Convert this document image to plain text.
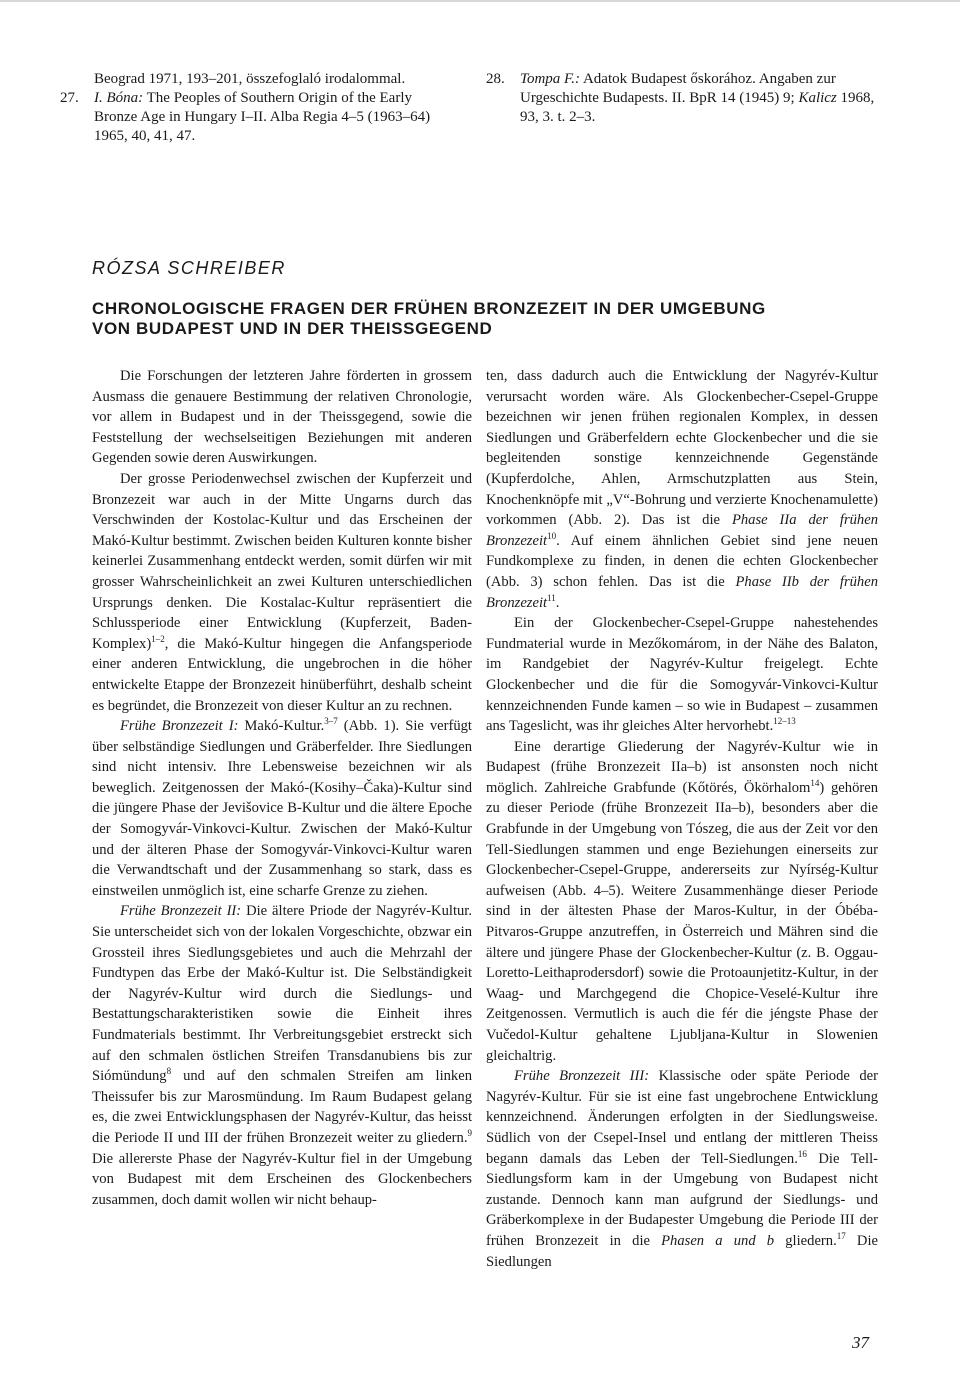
Beograd 1971, 193–201, összefoglaló irodalommal.
27.	I. Bóna: The Peoples of Southern Origin of the Early Bronze Age in Hungary I–II. Alba Regia 4–5 (1963–64) 1965, 40, 41, 47.
28.	Tompa F.: Adatok Budapest őskorához. Angaben zur Urgeschichte Budapests. II. BpR 14 (1945) 9; Kalicz 1968, 93, 3. t. 2–3.
RÓZSA SCHREIBER
CHRONOLOGISCHE FRAGEN DER FRÜHEN BRONZEZEIT IN DER UMGEBUNG
VON BUDAPEST UND IN DER THEISSGEGEND

Die Forschungen der letzteren Jahre förderten in grossem Ausmass die genauere Bestimmung der relativen Chronologie, vor allem in Budapest und in der Theissgegend, sowie die Feststellung der wechselseitigen Beziehungen mit anderen Gegenden sowie deren Auswirkungen.

Der grosse Periodenwechsel zwischen der Kupferzeit und Bronzezeit war auch in der Mitte Ungarns durch das Verschwinden der Kostolac-Kultur und das Erscheinen der Makó-Kultur bestimmt. Zwischen beiden Kulturen konnte bisher keinerlei Zusammenhang entdeckt werden, somit dürfen wir mit grosser Wahrscheinlichkeit an zwei Kulturen unterschiedlichen Ursprungs denken. Die Kostalac-Kultur repräsentiert die Schlussperiode einer Entwicklung (Kupferzeit, Baden-Komplex)$^{1-2}$, die Makó-Kultur hingegen die Anfangsperiode einer anderen Entwicklung, die ungebrochen in die höher entwickelte Etappe der Bronzezeit hinüberführt, deshalb scheint es begründet, die Bronzezeit von dieser Kultur an zu rechnen.

Frühe Bronzezeit I: Makó-Kultur.$^{3-7}$ (Abb. 1). Sie verfügt über selbständige Siedlungen und Gräberfelder. Ihre Siedlungen sind nicht intensiv. Ihre Lebensweise bezeichnen wir als beweglich. Zeitgenossen der Makó-(Kosihy–Čaka)-Kultur sind die jüngere Phase der Jevišovice B-Kultur und die ältere Epoche der Somogyvár-Vinkovci-Kultur. Zwischen der Makó-Kultur und der älteren Phase der Somogyvár-Vinkovci-Kultur waren die Verwandtschaft und der Zusammenhang so stark, dass es einstweilen unmöglich ist, eine scharfe Grenze zu ziehen.

Frühe Bronzezeit II: Die ältere Priode der Nagyrév-Kultur. Sie unterscheidet sich von der lokalen Vorgeschichte, obzwar ein Grossteil ihres Siedlungsgebietes und auch die Mehrzahl der Fundtypen das Erbe der Makó-Kultur ist. Die Selbständigkeit der Nagyrév-Kultur wird durch die Siedlungs- und Bestattungscharakteristiken sowie die Einheit ihres Fundmaterials bestimmt. Ihr Verbreitungsgebiet erstreckt sich auf den schmalen östlichen Streifen Transdanubiens bis zur Siómündung$^8$ und auf den schmalen Streifen am linken Theissufer bis zur Marosmündung. Im Raum Budapest gelang es, die zwei Entwicklungsphasen der Nagyrév-Kultur, das heisst die Periode II und III der frühen Bronzezeit weiter zu gliedern.$^9$ Die allererste Phase der Nagyrév-Kultur fiel in der Umgebung von Budapest mit dem Erscheinen des Glockenbechers zusammen, doch damit wollen wir nicht behaup-

ten, dass dadurch auch die Entwicklung der Nagyrév-Kultur verursacht worden wäre. Als Glockenbecher-Csepel-Gruppe bezeichnen wir jenen frühen regionalen Komplex, in dessen Siedlungen und Gräberfeldern echte Glockenbecher und die sie begleitenden sonstige kennzeichnende Gegenstände (Kupferdolche, Ahlen, Armschutzplatten aus Stein, Knochenknöpfe mit „V“-Bohrung und verzierte Knochenamulette) vorkommen (Abb. 2). Das ist die Phase IIa der frühen Bronzezeit$^{10}$. Auf einem ähnlichen Gebiet sind jene neuen Fundkomplexe zu finden, in denen die echten Glockenbecher (Abb. 3) schon fehlen. Das ist die Phase IIb der frühen Bronzezeit$^{11}$.

Ein der Glockenbecher-Csepel-Gruppe nahestehendes Fundmaterial wurde in Mezőkomárom, in der Nähe des Balaton, im Randgebiet der Nagyrév-Kultur freigelegt. Echte Glockenbecher und die für die Somogyvár-Vinkovci-Kultur kennzeichnenden Funde kamen – so wie in Budapest – zusammen ans Tageslicht, was ihr gleiches Alter hervorhebt.$^{12-13}$

Eine derartige Gliederung der Nagyrév-Kultur wie in Budapest (frühe Bronzezeit IIa–b) ist ansonsten noch nicht möglich. Zahlreiche Grabfunde (Kőtörés, Ökörhalom$^{14}$) gehören zu dieser Periode (frühe Bronzezeit IIa–b), besonders aber die Grabfunde in der Umgebung von Tószeg, die aus der Zeit vor den Tell-Siedlungen stammen und enge Beziehungen einerseits zur Glockenbecher-Csepel-Gruppe, andererseits zur Nyírség-Kultur aufweisen (Abb. 4–5). Weitere Zusammenhänge dieser Periode sind in der ältesten Phase der Maros-Kultur, in der Óbéba-Pitvaros-Gruppe anzutreffen, in Österreich und Mähren sind die ältere und jüngere Phase der Glockenbecher-Kultur (z. B. Oggau-Loretto-Leithaprodersdorf) sowie die Protoaunjetitz-Kultur, in der Waag- und Marchgegend die Chopice-Veselé-Kultur ihre Zeitgenossen. Vermutlich is auch die fér die jéngste Phase der Vučedol-Kultur gehaltene Ljubljana-Kultur in Slowenien gleichaltrig.

Frühe Bronzezeit III: Klassische oder späte Periode der Nagyrév-Kultur. Für sie ist eine fast ungebrochene Entwicklung kennzeichnend. Änderungen erfolgten in der Siedlungsweise. Südlich von der Csepel-Insel und entlang der mittleren Theiss begann damals das Leben der Tell-Siedlungen.$^{16}$ Die Tell-Siedlungsform kam in der Umgebung von Budapest nicht zustande. Dennoch kann man aufgrund der Siedlungs- und Gräberkomplexe in der Budapester Umgebung die Periode III der frühen Bronzezeit in die Phasen a und b gliedern.$^{17}$ Die Siedlungen

37
